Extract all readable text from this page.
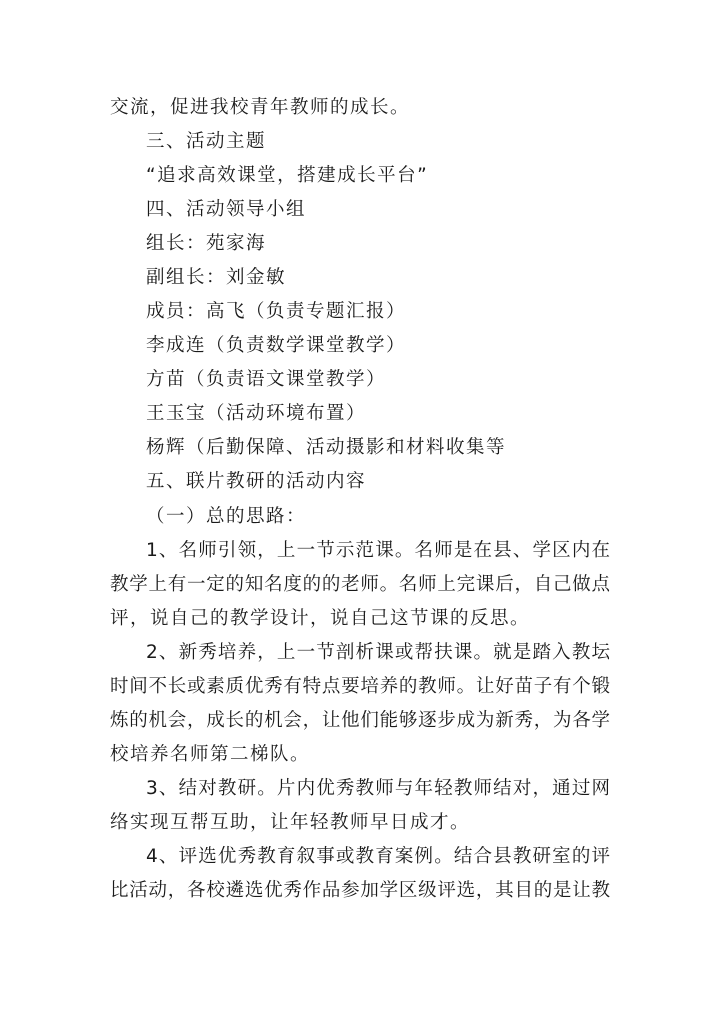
交流，促进我校青年教师的成长。
三、活动主题
“追求高效课堂，搭建成长平台”
四、活动领导小组
组长：苑家海
副组长：刘金敏
成员：高飞（负责专题汇报）
李成连（负责数学课堂教学）
方苗（负责语文课堂教学）
王玉宝（活动环境布置）
杨辉（后勤保障、活动摄影和材料收集等
五、联片教研的活动内容
（一）总的思路：
1、名师引领，上一节示范课。名师是在县、学区内在
教学上有一定的知名度的的老师。名师上完课后，自己做点
评，说自己的教学设计，说自己这节课的反思。
2、新秀培养，上一节剖析课或帮扶课。就是踏入教坛
时间不长或素质优秀有特点要培养的教师。让好苗子有个锻
炼的机会，成长的机会，让他们能够逐步成为新秀，为各学
校培养名师第二梯队。
3、结对教研。片内优秀教师与年轻教师结对，通过网
络实现互帮互助，让年轻教师早日成才。
4、评选优秀教育叙事或教育案例。结合县教研室的评
比活动，各校遴选优秀作品参加学区级评选，其目的是让教
